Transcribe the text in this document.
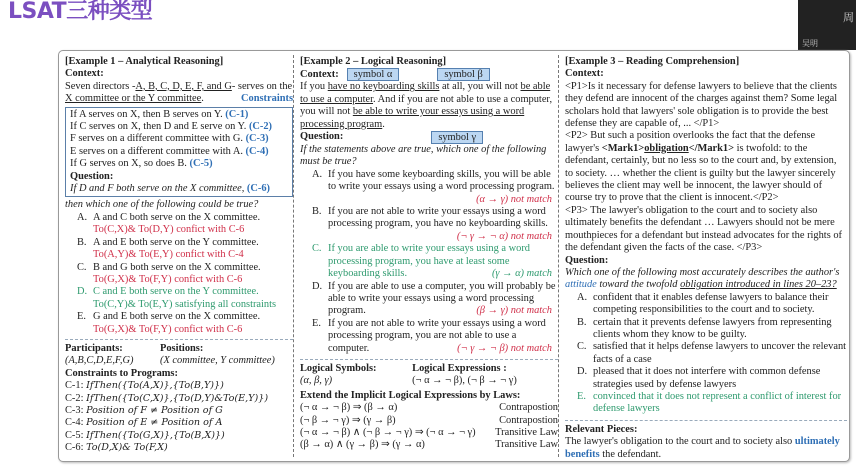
LSAT三种类型	周
吴明
[Example 1 – Analytical Reasoning]
Context:
Seven directors -A, B, C, D, E, F, and G- serves on the X committee or the Y committee.	Constraints
If A serves on X, then B serves on Y. (C-1)
If C serves on X, then D and E serve on Y. (C-2)
F serves on a different committee with G. (C-3)
E serves on a different committee with A. (C-4)
If G serves on X, so does B. (C-5)
Question:
If D and F both serve on the X committee, (C-6)
then which one of the following could be true?
A. A and C both serve on the X committee.
To(C,X)& To(D,Y) confict with C-6
B. A and E both serve on the Y committee.
To(A,Y)& To(E,Y) confict with C-4
C. B and G both serve on the X committee.
To(G,X)& To(F,Y) confict with C-6
D. C and E both serve on the Y committee.
To(C,Y)& To(E,Y) satisfying all constraints
E. G and E both serve on the X committee.
To(G,X)& To(F,Y) confict with C-6
Participants:
(A,B,C,D,E,F,G)
Positions:
(X committee, Y committee)
Constraints to Programs:
C-1: IfThen({To(A,X)},{To(B,Y)})
C-2: IfThen({To(C,X)},{To(D,Y)&To(E,Y)})
C-3: Position of F ≠ Position of G
C-4: Position of E ≠ Position of A
C-5: IfThen({To(G,X)},{To(B,X)})
C-6: To(D,X)& To(F,X)
[Example 2 – Logical Reasoning]
Context:	symbol α	symbol β
If you have no keyboarding skills at all, you will not be able to use a computer. And if you are not able to use a computer, you will not be able to write your essays using a word processing program.
Question:	symbol γ
If the statements above are true, which one of the following must be true?
A. If you have some keyboarding skills, you will be able to write your essays using a word processing program.
(α → γ) not match
B. If you are not able to write your essays using a word processing program, you have no keyboarding skills.
(¬ γ → ¬ α) not match
C. If you are able to write your essays using a word processing program, you have at least some keyboarding skills.	(γ → α) match
D. If you are able to use a computer, you will probably be able to write your essays using a word processing program.	(β → γ) not match
E. If you are not able to write your essays using a word processing program, you are not able to use a computer.	(¬ γ → ¬ β) not match
Logical Symbols:
(α, β, γ)
Logical Expressions :
(¬ α → ¬ β), (¬ β → ¬ γ)
Extend the Implicit Logical Expressions by Laws:
(¬ α → ¬ β) ⇒ (β → α)	Contrapostion
(¬ β → ¬ γ) ⇒ (γ → β)	Contrapostion
(¬ α → ¬ β) ∧ (¬ β → ¬ γ) ⇒ (¬ α → ¬ γ) Transitive Law
(β → α) ∧ (γ → β) ⇒ (γ → α)	Transitive Law
[Example 3 – Reading Comprehension]
Context:
<P1>Is it necessary for defense lawyers to believe that the clients they defend are innocent of the charges against them? Some legal scholars hold that lawyers' sole obligation is to provide the best defense they are capable of, ... </P1>
<P2> But such a position overlooks the fact that the defense lawyer's <Mark1>obligation</Mark1> is twofold: to the defendant, certainly, but no less so to the court and, by extension, to society. … whether the client is guilty but the lawyer sincerely believes the client may well be innocent, the lawyer should of course try to prove that the client is innocent.</P2>
<P3> The lawyer's obligation to the court and to society also ultimately benefits the defendant … Lawyers should not be mere mouthpieces for a defendant but instead advocates for the rights of the defendant given the facts of the case. </P3>
Question:
Which one of the following most accurately describes the author's attitude toward the twofold obligation introduced in lines 20–23?
A. confident that it enables defense lawyers to balance their competing responsibilities to the court and to society.
B. certain that it prevents defense lawyers from representing clients whom they know to be guilty.
C. satisfied that it helps defense lawyers to uncover the relevant facts of a case
D. pleased that it does not interfere with common defense strategies used by defense lawyers
E. convinced that it does not represent a conflict of interest for defense lawyers
Relevant Pieces:
The lawyer's obligation to the court and to society also ultimately benefits the defendant.
